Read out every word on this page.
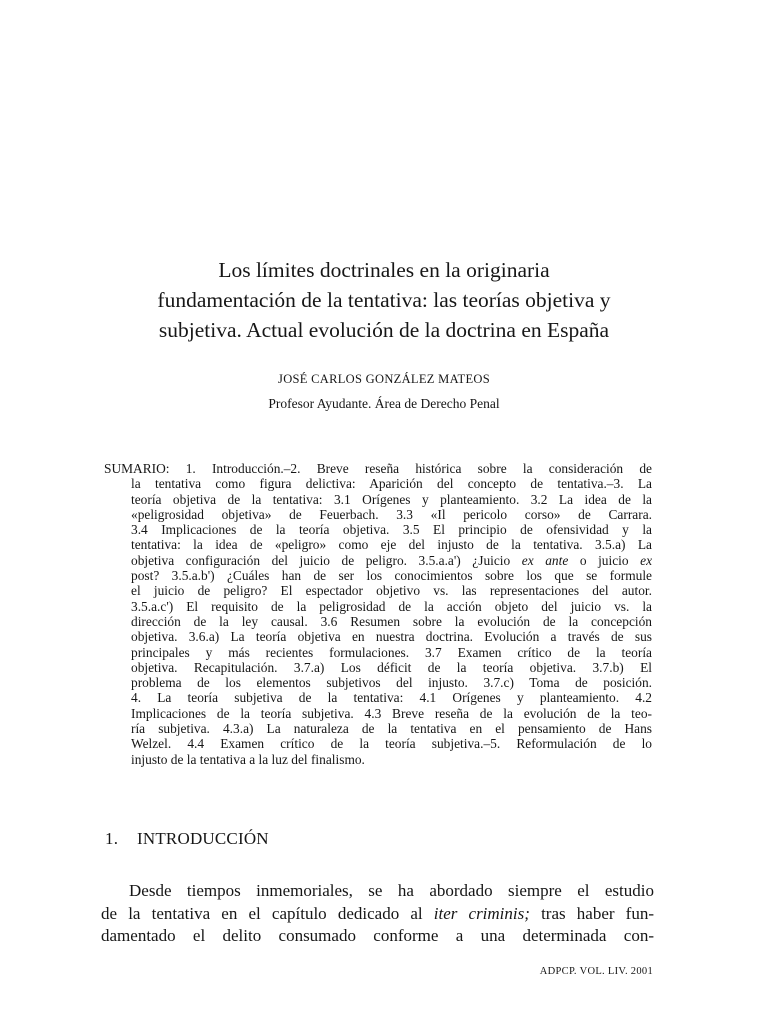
Los límites doctrinales en la originaria
fundamentación de la tentativa: las teorías objetiva y
subjetiva. Actual evolución de la doctrina en España
JOSÉ CARLOS GONZÁLEZ MATEOS
Profesor Ayudante. Área de Derecho Penal
SUMARIO: 1. Introducción.–2. Breve reseña histórica sobre la consideración de
la tentativa como figura delictiva: Aparición del concepto de tentativa.–3. La
teoría objetiva de la tentativa: 3.1 Orígenes y planteamiento. 3.2 La idea de la
«peligrosidad objetiva» de Feuerbach. 3.3 «Il pericolo corso» de Carrara.
3.4 Implicaciones de la teoría objetiva. 3.5 El principio de ofensividad y la
tentativa: la idea de «peligro» como eje del injusto de la tentativa. 3.5.a) La
objetiva configuración del juicio de peligro. 3.5.a.a') ¿Juicio ex ante o juicio ex
post? 3.5.a.b') ¿Cuáles han de ser los conocimientos sobre los que se formule
el juicio de peligro? El espectador objetivo vs. las representaciones del autor.
3.5.a.c') El requisito de la peligrosidad de la acción objeto del juicio vs. la
dirección de la ley causal. 3.6 Resumen sobre la evolución de la concepción
objetiva. 3.6.a) La teoría objetiva en nuestra doctrina. Evolución a través de sus
principales y más recientes formulaciones. 3.7 Examen crítico de la teoría
objetiva. Recapitulación. 3.7.a) Los déficit de la teoría objetiva. 3.7.b) El
problema de los elementos subjetivos del injusto. 3.7.c) Toma de posición.
4. La teoría subjetiva de la tentativa: 4.1 Orígenes y planteamiento. 4.2
Implicaciones de la teoría subjetiva. 4.3 Breve reseña de la evolución de la teo-
ría subjetiva. 4.3.a) La naturaleza de la tentativa en el pensamiento de Hans
Welzel. 4.4 Examen crítico de la teoría subjetiva.–5. Reformulación de lo
injusto de la tentativa a la luz del finalismo.
1. INTRODUCCIÓN
Desde tiempos inmemoriales, se ha abordado siempre el estudio
de la tentativa en el capítulo dedicado al iter criminis; tras haber fun-
damentado el delito consumado conforme a una determinada con-
ADPCP. VOL. LIV. 2001
